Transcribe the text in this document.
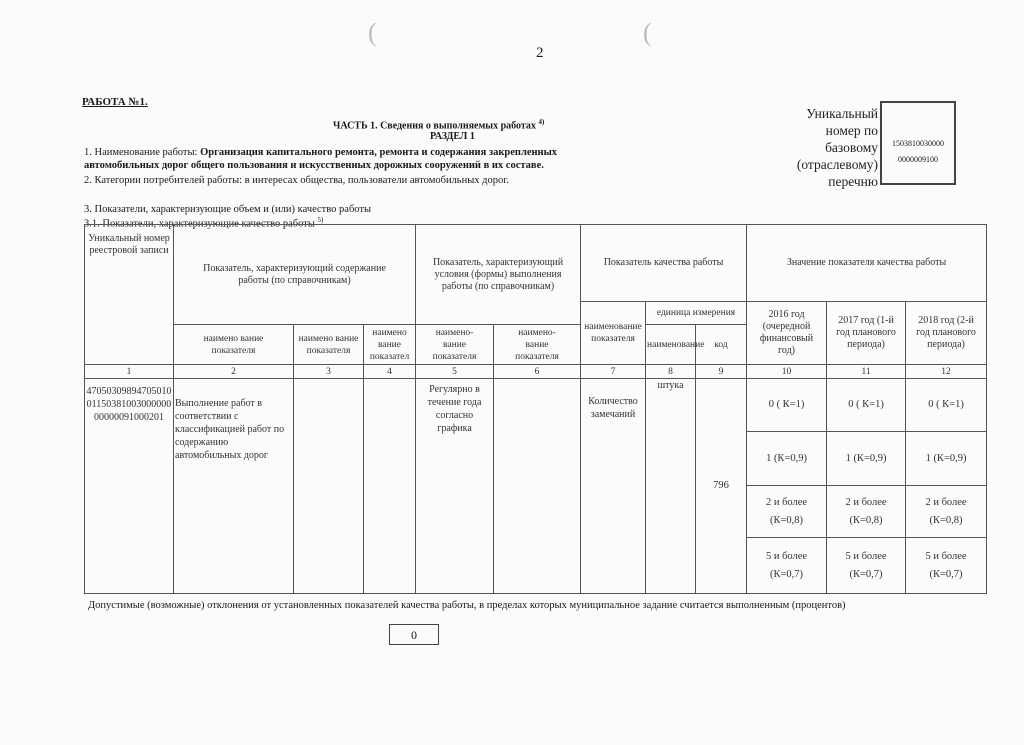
(	(
2
РАБОТА №1.
ЧАСТЬ 1. Сведения о выполняемых работах $^{4)}$
РАЗДЕЛ 1
1. Наименование работы: Организация капитального ремонта, ремонта и содержания закрепленных
автомобильных дорог общего пользования и искусственных дорожных сооружений в их составе.
2. Категории потребителей работы: в интересах общества, пользователи автомобильных дорог.
3. Показатели, характеризующие объем и (или) качество работы
3.1. Показатели, характеризующие качество работы $^{5)}$
Уникальный
номер по
базовому
(отраслевому)
перечню
1503810030000
0000009100
Уникальный номер реестровой записи	Показатель, характеризующий содержание работы (по справочникам)			Показатель, характеризующий условия (формы) выполнения работы (по справочникам)		Показатель качества работы			Значение показателя качества работы		
						наименование показателя	единица измерения		2016 год (очередной финансовый год)	2017 год (1-й год планового периода)	2018 год (2-й год планового периода)
	наимено вание показателя	наимено вание показателя	наимено вание показател	наимено- вание показателя	наимено- вание показателя		наименование	код			
1	2	3	4	5	6	7	8	9	10	11	12
470503098947050100115038100300000000000091000201	Выполнение работ в соответствии с классификацией работ по содержанию автомобильных дорог			Регулярно в течение года согласно графика		Количество замечаний	штука	796	0 ( К=1)	0 ( К=1)	0 ( К=1)
									1 (К=0,9)	1 (К=0,9)	1 (К=0,9)
									2 и более (К=0,8)	2 и более (К=0,8)	2 и более (К=0,8)
									5 и более (К=0,7)	5 и более (К=0,7)	5 и более (К=0,7)
Допустимые (возможные) отклонения от установленных показателей качества работы, в пределах которых муниципальное задание считается выполненным (процентов)
0
